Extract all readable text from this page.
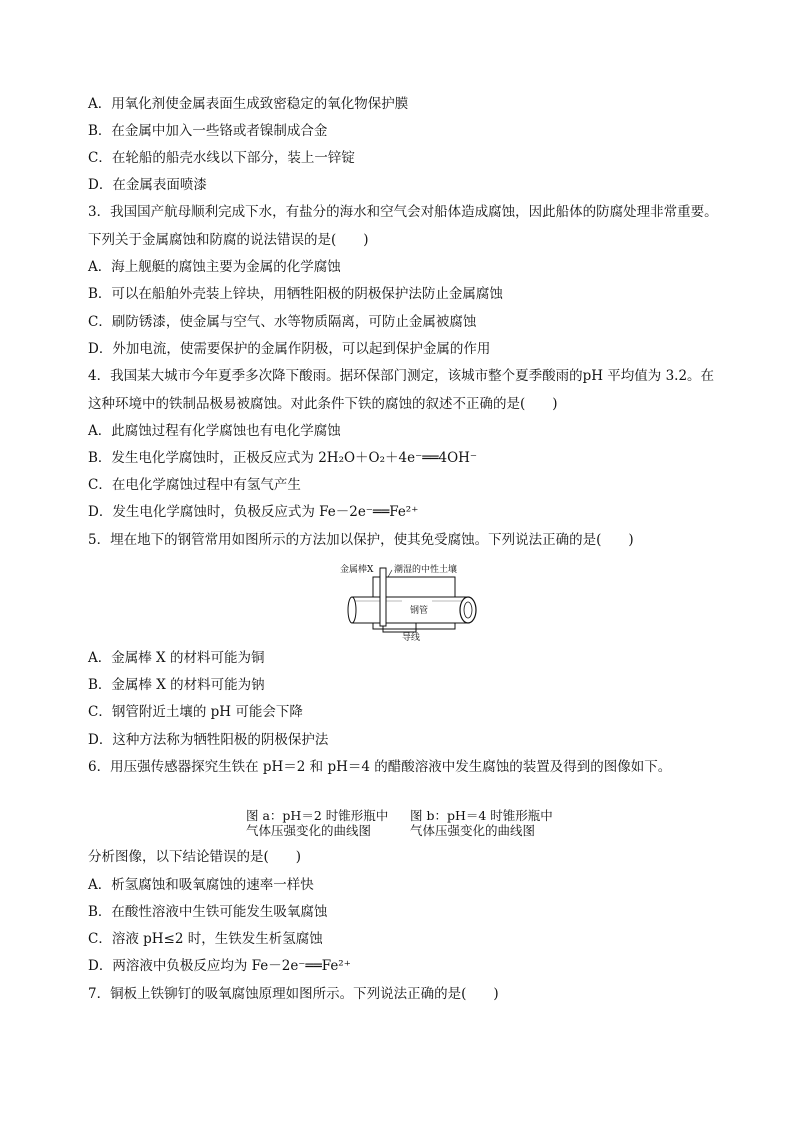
A．用氧化剂使金属表面生成致密稳定的氧化物保护膜
B．在金属中加入一些铬或者镍制成合金
C．在轮船的船壳水线以下部分，装上一锌锭
D．在金属表面喷漆
3．我国国产航母顺利完成下水，有盐分的海水和空气会对船体造成腐蚀，因此船体的防腐处理非常重要。
下列关于金属腐蚀和防腐的说法错误的是(　　)
A．海上舰艇的腐蚀主要为金属的化学腐蚀
B．可以在船舶外壳装上锌块，用牺牲阳极的阴极保护法防止金属腐蚀
C．刷防锈漆，使金属与空气、水等物质隔离，可防止金属被腐蚀
D．外加电流，使需要保护的金属作阴极，可以起到保护金属的作用
4．我国某大城市今年夏季多次降下酸雨。据环保部门测定，该城市整个夏季酸雨的pH 平均值为 3.2。在
这种环境中的铁制品极易被腐蚀。对此条件下铁的腐蚀的叙述不正确的是(　　)
A．此腐蚀过程有化学腐蚀也有电化学腐蚀
B．发生电化学腐蚀时，正极反应式为 2H₂O＋O₂＋4e⁻══4OH⁻
C．在电化学腐蚀过程中有氢气产生
D．发生电化学腐蚀时，负极反应式为 Fe－2e⁻══Fe²⁺
5．埋在地下的钢管常用如图所示的方法加以保护，使其免受腐蚀。下列说法正确的是(　　)
金属棒X 潮湿的中性土壤
钢管
导线
A．金属棒 X 的材料可能为铜
B．金属棒 X 的材料可能为钠
C．钢管附近土壤的 pH 可能会下降
D．这种方法称为牺牲阳极的阴极保护法
6．用压强传感器探究生铁在 pH＝2 和 pH＝4 的醋酸溶液中发生腐蚀的装置及得到的图像如下。
图 a：pH＝2 时锥形瓶中
气体压强变化的曲线图
图 b：pH＝4 时锥形瓶中
气体压强变化的曲线图
分析图像，以下结论错误的是(　　)
A．析氢腐蚀和吸氧腐蚀的速率一样快
B．在酸性溶液中生铁可能发生吸氧腐蚀
C．溶液 pH≤2 时，生铁发生析氢腐蚀
D．两溶液中负极反应均为 Fe－2e⁻══Fe²⁺
7．铜板上铁铆钉的吸氧腐蚀原理如图所示。下列说法正确的是(　　)
